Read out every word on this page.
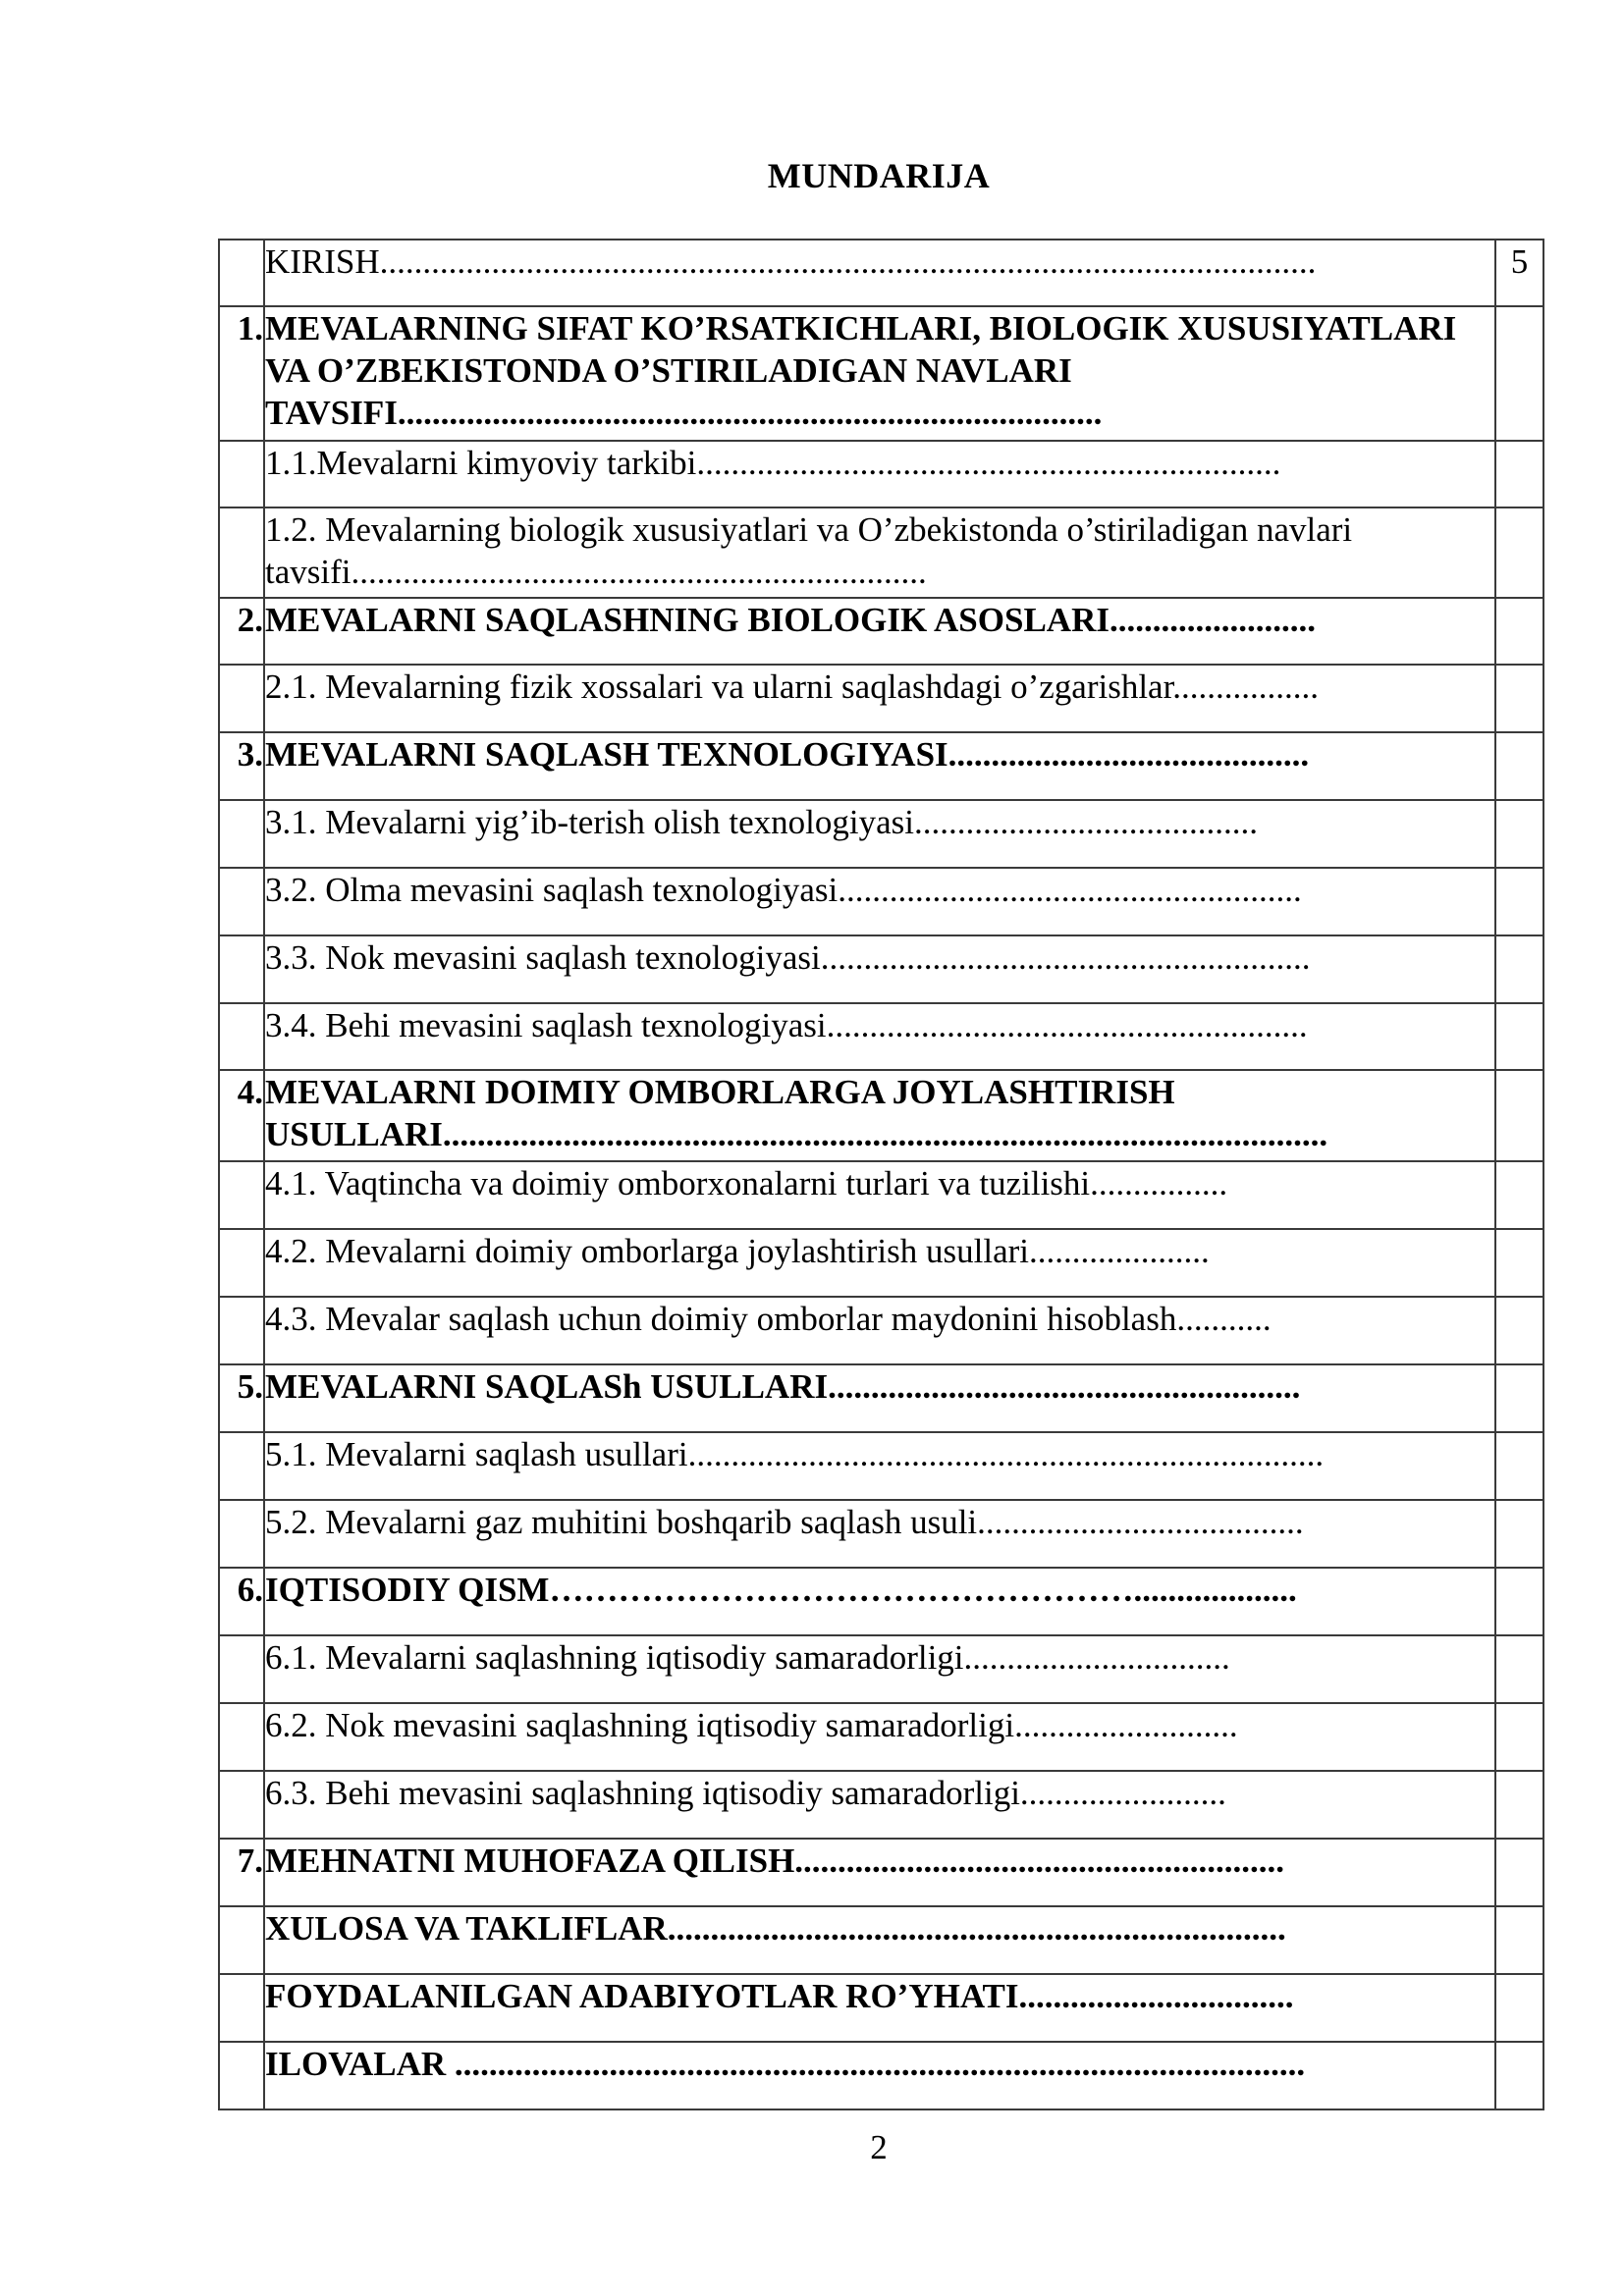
MUNDARIJA
	KIRISH.............................................................................................................	5
1.	MEVALARNING SIFAT KO’RSATKICHLARI, BIOLOGIK XUSUSIYATLARI VA O’ZBEKISTONDA O’STIRILADIGAN NAVLARI TAVSIFI..................................................................................	
	1.1.Mevalarni kimyoviy tarkibi....................................................................	
	1.2. Mevalarning biologik xususiyatlari va O’zbekistonda o’stiriladigan navlari tavsifi...................................................................	
2.	MEVALARNI SAQLASHNING BIOLOGIK ASOSLARI........................	
	2.1. Mevalarning fizik xossalari va ularni saqlashdagi o’zgarishlar.................	
3.	MEVALARNI SAQLASH TEXNOLOGIYASI..........................................	
	3.1. Mevalarni yig’ib-terish olish texnologiyasi........................................	
	3.2. Olma mevasini saqlash texnologiyasi......................................................	
	3.3. Nok mevasini saqlash texnologiyasi.........................................................	
	3.4. Behi mevasini saqlash texnologiyasi........................................................	
4.	MEVALARNI DOIMIY OMBORLARGA JOYLASHTIRISH USULLARI.......................................................................................................	
	4.1. Vaqtincha va doimiy omborxonalarni turlari va tuzilishi................	
	4.2. Mevalarni doimiy omborlarga joylashtirish usullari.....................	
	4.3. Mevalar saqlash uchun doimiy omborlar maydonini hisoblash...........	
5.	MEVALARNI SAQLASh USULLARI.......................................................	
	5.1. Mevalarni saqlash usullari..........................................................................	
	5.2. Mevalarni gaz muhitini boshqarib saqlash usuli......................................	
6.	IQTISODIY QISM……………………………………………...................	
	6.1. Mevalarni saqlashning iqtisodiy samaradorligi...............................	
	6.2. Nok mevasini saqlashning iqtisodiy samaradorligi..........................	
	6.3. Behi mevasini saqlashning iqtisodiy samaradorligi........................	
7.	MEHNATNI MUHOFAZA QILISH.........................................................	
	XULOSA VA TAKLIFLAR........................................................................	
	FOYDALANILGAN ADABIYOTLAR RO’YHATI................................	
	ILOVALAR ...................................................................................................	
2
